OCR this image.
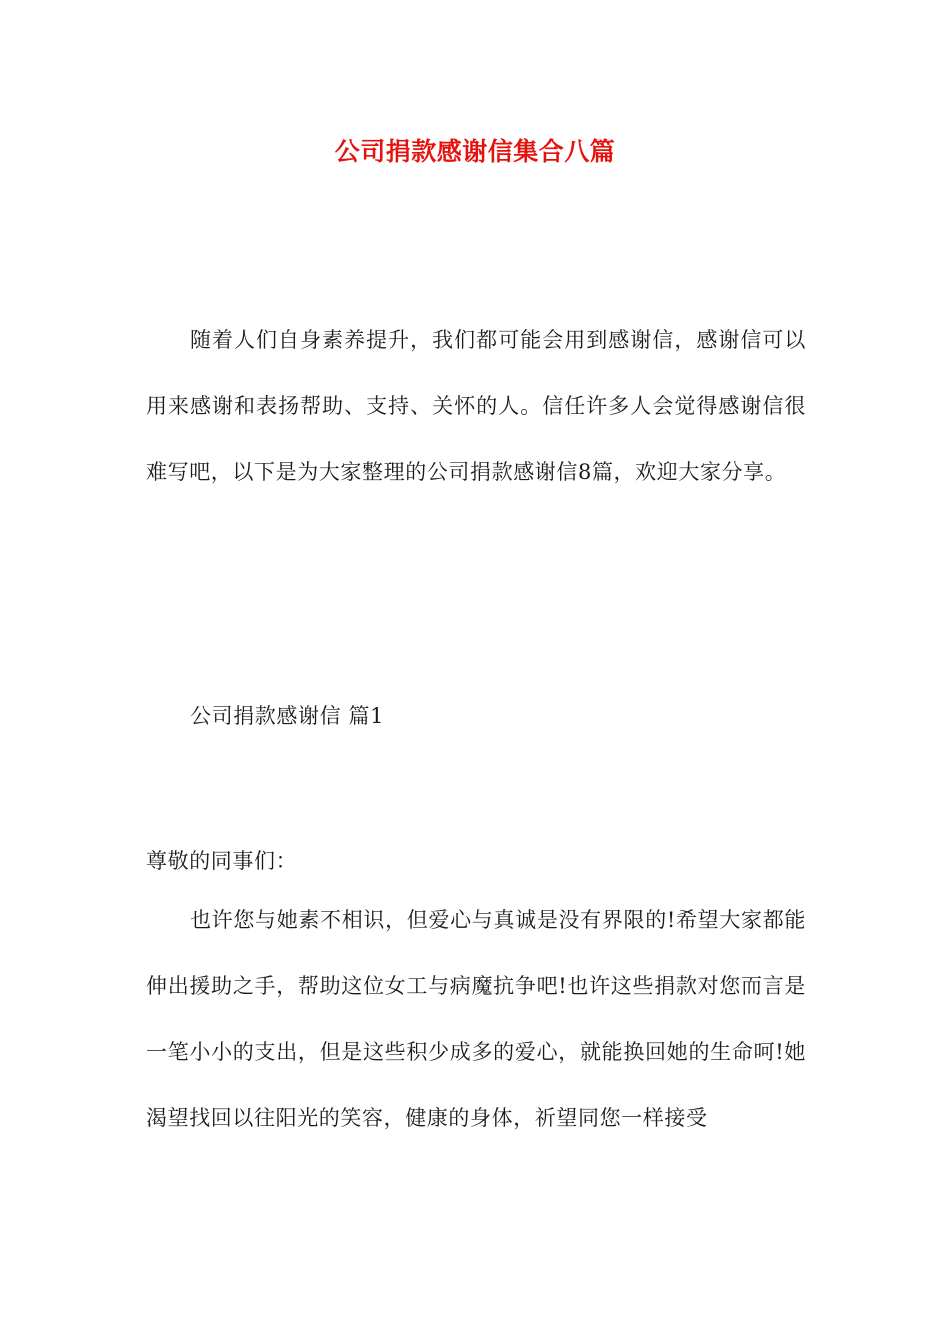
公司捐款感谢信集合八篇
随着人们自身素养提升，我们都可能会用到感谢信，感谢信可以用来感谢和表扬帮助、支持、关怀的人。信任许多人会觉得感谢信很难写吧，以下是为大家整理的公司捐款感谢信8篇，欢迎大家分享。
公司捐款感谢信 篇1
尊敬的同事们：
也许您与她素不相识，但爱心与真诚是没有界限的!希望大家都能伸出援助之手，帮助这位女工与病魔抗争吧!也许这些捐款对您而言是一笔小小的支出，但是这些积少成多的爱心，就能换回她的生命呵!她渴望找回以往阳光的笑容，健康的身体，祈望同您一样接受
